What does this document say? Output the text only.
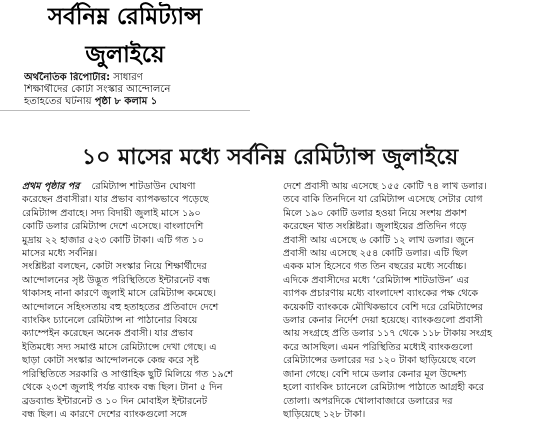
সর্বনিম্ন রেমিট্যান্স
জুলাইয়ে
অর্থনৈতিক রিপোর্টার: সাধারণ
শিক্ষার্থীদের কোটা সংস্কার আন্দোলনে
হতাহতের ঘটনায় পৃষ্ঠা ৮ কলাম ১
১০ মাসের মধ্যে সর্বনিম্ন রেমিট্যান্স জুলাইয়ে

প্রথম পৃষ্ঠার পর রেমিট্যান্স শাটডাউন ঘোষণা

করেছেন প্রবাসীরা। যার প্রভাব ব্যাপকভাবে পড়েছে

রেমিট্যান্স প্রবাহে। সদ্য বিদায়ী জুলাই মাসে ১৯০

কোটি ডলার রেমিট্যান্স দেশে এসেছে। বাংলাদেশি

মুদ্রায় ২২ হাজার ৫২৩ কোটি টাকা। এটি গত ১০

মাসের মধ্যে সর্বনিম্ন।

সংশ্লিষ্টরা বলছেন, কোটা সংস্কার নিয়ে শিক্ষার্থীদের

আন্দোলনের সৃষ্ট উদ্ভূত পরিস্থিতিতে ইন্টারনেট বন্ধ

থাকাসহ নানা কারণে জুলাই মাসে রেমিট্যান্স কমেছে।

আন্দোলনে সহিংসতায় বহু হতাহতের প্রতিবাদে দেশে

ব্যাংকিং চ্যানেলে রেমিট্যান্স না পাঠানোর বিষয়ে

ক্যাম্পেইন করেছেন অনেক প্রবাসী। যার প্রভাব

ইতিমধ্যে সদ্য সমাপ্ত মাসে রেমিট্যান্সে দেখা গেছে। এ

ছাড়া কোটা সংস্কার আন্দোলনকে কেন্দ্র করে সৃষ্ট

পরিস্থিতিতে সরকারি ও সাপ্তাহিক ছুটি মিলিয়ে গত ১৯শে

থেকে ২৩শে জুলাই পর্যন্ত ব্যাংক বন্ধ ছিল। টানা ৫ দিন

ব্রডব্যান্ড ইন্টারনেট ও ১০ দিন মোবাইল ইন্টারনেট

বন্ধ ছিল। এ কারণে দেশের ব্যাংকগুলো সঙ্গে

দেশে প্রবাসী আয় এসেছে ১৫৫ কোটি ৭৪ লাখ ডলার।

তবে বাকি তিনদিনে যা রেমিট্যান্স এসেছে সেটার যোগ

মিলে ১৯০ কোটি ডলার হওয়া নিয়ে সংশয় প্রকাশ

করেছেন খাত সংশ্লিষ্টরা। জুলাইয়ের প্রতিদিন গড়ে

প্রবাসী আয় এসেছে ৬ কোটি ১২ লাখ ডলার। জুনে

প্রবাসী আয় এসেছে ২৫৪ কোটি ডলার। এটি ছিল

একক মাস হিসেবে গত তিন বছরের মধ্যে সর্বোচ্চ।

এদিকে প্রবাসীদের মধ্যে ‘রেমিট্যান্স শাটডাউন’ এর

ব্যাপক প্রচারণায় মধ্যে বাংলাদেশ ব্যাংকের পক্ষ থেকে

কয়েকটি ব্যাংককে মৌখিকভাবে বেশি দরে রেমিট্যান্সের

ডলার কেনার নির্দেশ দেয়া হয়েছে। ব্যাংকগুলো প্রবাসী

আয় সংগ্রহে প্রতি ডলার ১১৭ থেকে ১১৮ টাকায় সংগ্রহ

করে আসছিল। এমন পরিস্থিতির মধ্যেই ব্যাংকগুলো

রেমিট্যান্সের ডলারের দর ১২০ টাকা ছাড়িয়েছে বলে

জানা গেছে। বেশি দামে ডলার কেনার মূল উদ্দেশ্য

হলো ব্যাংকিং চ্যানেলে রেমিট্যান্স পাঠাতে আগ্রহী করে

তোলা। অপরদিকে খোলাবাজারে ডলারের দর

ছাড়িয়েছে ১২৮ টাকা।
